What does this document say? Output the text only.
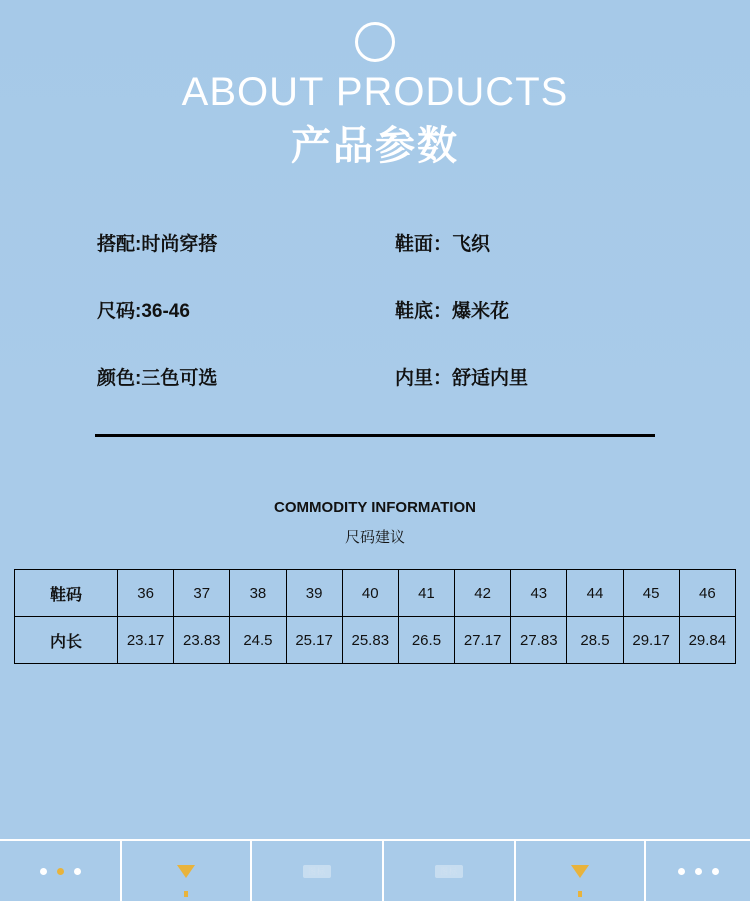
ABOUT PRODUCTS
产品参数
搭配:时尚穿搭	鞋面：飞织
尺码:36-46	鞋底：爆米花
颜色:三色可选	内里：舒适内里
COMMODITY INFORMATION
尺码建议
鞋码	36	37	38	39	40	41	42	43	44	45	46
内长	23.17	23.83	24.5	25.17	25.83	26.5	27.17	27.83	28.5	29.17	29.84
图标	图标
